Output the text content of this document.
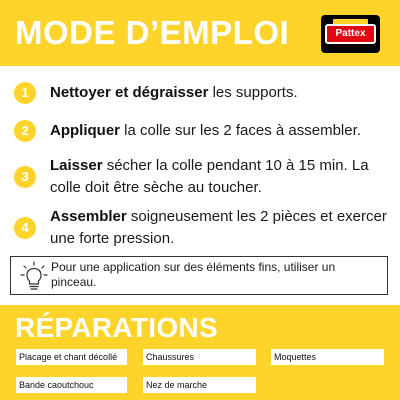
MODE D’EMPLOI	Pattex
1	Nettoyer et dégraisser les supports.
2	Appliquer la colle sur les 2 faces à assembler.
3
Laisser sécher la colle pendant 10 à 15 min. La colle doit être sèche au toucher.
4
Assembler soigneusement les 2 pièces et exercer une forte pression.
Pour une application sur des éléments fins, utiliser un pinceau.
RÉPARATIONS
Placage et chant décollé	Chaussures	Moquettes
Bande caoutchouc	Nez de marche
